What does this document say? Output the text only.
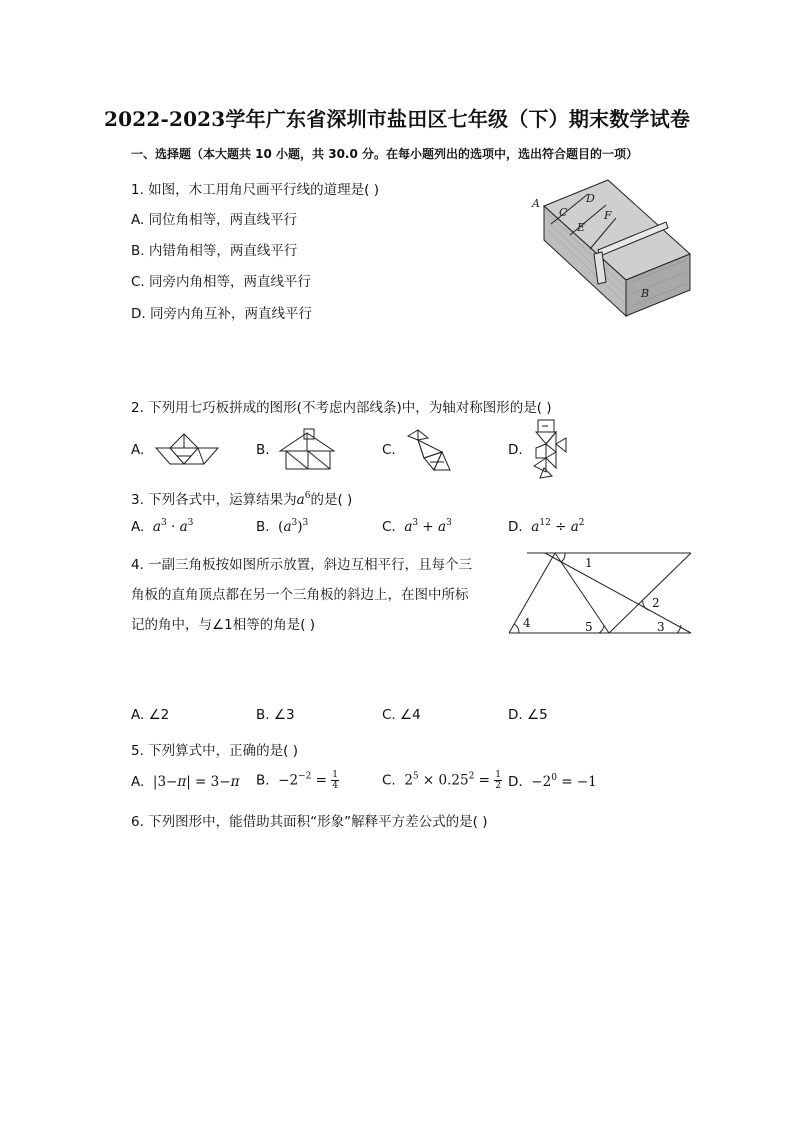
2022-2023学年广东省深圳市盐田区七年级（下）期末数学试卷
一、选择题（本大题共 10 小题，共 30.0 分。在每小题列出的选项中，选出符合题目的一项）
1. 如图，木工用角尺画平行线的道理是( )
A. 同位角相等，两直线平行
B. 内错角相等，两直线平行
C. 同旁内角相等，两直线平行
D. 同旁内角互补，两直线平行
A
C
D
E
F
B
2. 下列用七巧板拼成的图形(不考虑内部线条)中，为轴对称图形的是( )
A.	B.	C.	D.
3. 下列各式中，运算结果为$a^6$的是( )
A. $a^3 \cdot a^3$	B. $(a^3)^3$	C. $a^3 + a^3$	D. $a^{12} \div a^2$
4. 一副三角板按如图所示放置，斜边互相平行，且每个三
角板的直角顶点都在另一个三角板的斜边上，在图中所标
记的角中，与∠1相等的角是( )
1
2
3
4	5
A. ∠2	B. ∠3	C. ∠4	D. ∠5
5. 下列算式中，正确的是( )
A. |3−π| = 3−π B. $-2^{-2} = \frac{1}{4}$	C. $2^5 \times 0.25^2 = \frac{1}{2} D$. $-2^0 = -1$
6. 下列图形中，能借助其面积“形象”解释平方差公式的是( )
